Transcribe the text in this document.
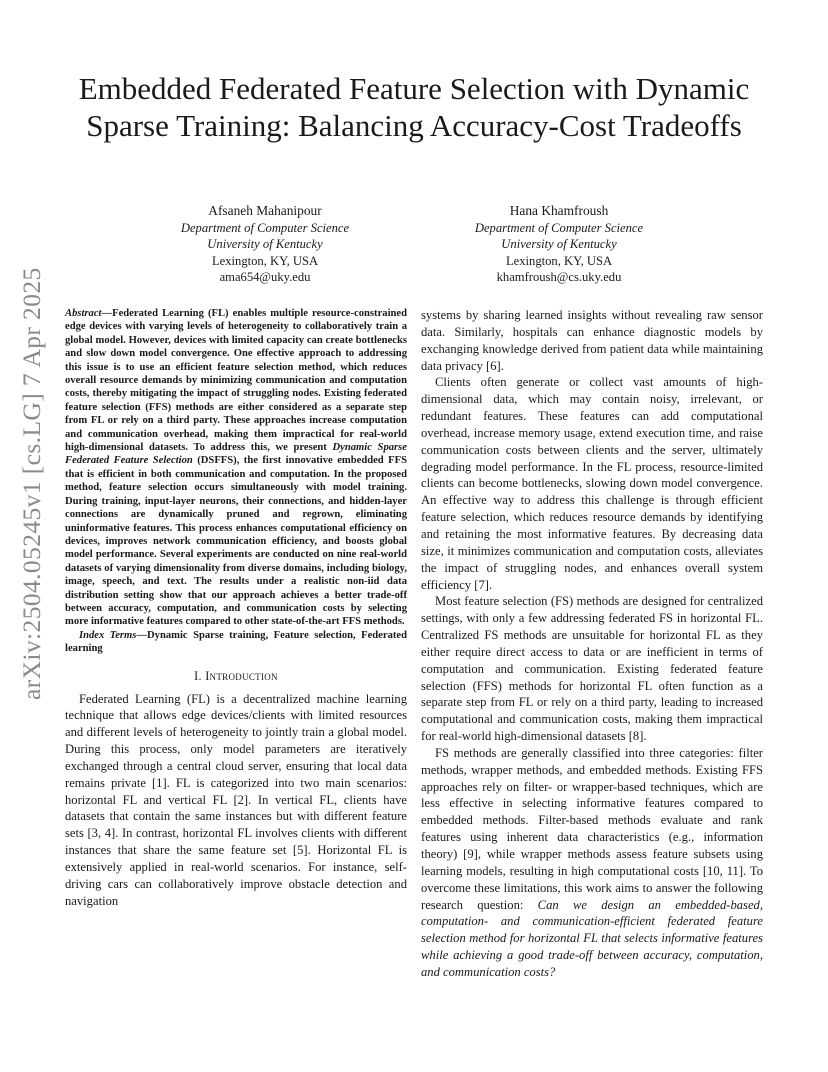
Embedded Federated Feature Selection with Dynamic Sparse Training: Balancing Accuracy-Cost Tradeoffs
Afsaneh Mahanipour
Department of Computer Science
University of Kentucky
Lexington, KY, USA
ama654@uky.edu
Hana Khamfroush
Department of Computer Science
University of Kentucky
Lexington, KY, USA
khamfroush@cs.uky.edu
arXiv:2504.05245v1 [cs.LG] 7 Apr 2025 Abstract—Federated Learning (FL) enables multiple resource-constrained edge devices with varying levels of heterogeneity to collaboratively train a global model. However, devices with limited capacity can create bottlenecks and slow down model convergence. One effective approach to addressing this issue is to use an efficient feature selection method, which reduces overall resource demands by minimizing communication and computation costs, thereby mitigating the impact of struggling nodes. Existing federated feature selection (FFS) methods are either considered as a separate step from FL or rely on a third party. These approaches increase computation and communication overhead, making them impractical for real-world high-dimensional datasets. To address this, we present Dynamic Sparse Federated Feature Selection (DSFFS), the first innovative embedded FFS that is efficient in both communication and computation. In the proposed method, feature selection occurs simultaneously with model training. During training, input-layer neurons, their connections, and hidden-layer connections are dynamically pruned and regrown, eliminating uninformative features. This process enhances computational efficiency on devices, improves network communication efficiency, and boosts global model performance. Several experiments are conducted on nine real-world datasets of varying dimensionality from diverse domains, including biology, image, speech, and text. The results under a realistic non-iid data distribution setting show that our approach achieves a better trade-off between accuracy, computation, and communication costs by selecting more informative features compared to other state-of-the-art FFS methods.

Index Terms—Dynamic Sparse training, Feature selection, Federated learning

I. Introduction

Federated Learning (FL) is a decentralized machine learning technique that allows edge devices/clients with limited resources and different levels of heterogeneity to jointly train a global model. During this process, only model parameters are iteratively exchanged through a central cloud server, ensuring that local data remains private [1]. FL is categorized into two main scenarios: horizontal FL and vertical FL [2]. In vertical FL, clients have datasets that contain the same instances but with different feature sets [3, 4]. In contrast, horizontal FL involves clients with different instances that share the same feature set [5]. Horizontal FL is extensively applied in real-world scenarios. For instance, self-driving cars can collaboratively improve obstacle detection and navigation

systems by sharing learned insights without revealing raw sensor data. Similarly, hospitals can enhance diagnostic models by exchanging knowledge derived from patient data while maintaining data privacy [6].

Clients often generate or collect vast amounts of high-dimensional data, which may contain noisy, irrelevant, or redundant features. These features can add computational overhead, increase memory usage, extend execution time, and raise communication costs between clients and the server, ultimately degrading model performance. In the FL process, resource-limited clients can become bottlenecks, slowing down model convergence. An effective way to address this challenge is through efficient feature selection, which reduces resource demands by identifying and retaining the most informative features. By decreasing data size, it minimizes communication and computation costs, alleviates the impact of struggling nodes, and enhances overall system efficiency [7].

Most feature selection (FS) methods are designed for centralized settings, with only a few addressing federated FS in horizontal FL. Centralized FS methods are unsuitable for horizontal FL as they either require direct access to data or are inefficient in terms of computation and communication. Existing federated feature selection (FFS) methods for horizontal FL often function as a separate step from FL or rely on a third party, leading to increased computational and communication costs, making them impractical for real-world high-dimensional datasets [8].

FS methods are generally classified into three categories: filter methods, wrapper methods, and embedded methods. Existing FFS approaches rely on filter- or wrapper-based techniques, which are less effective in selecting informative features compared to embedded methods. Filter-based methods evaluate and rank features using inherent data characteristics (e.g., information theory) [9], while wrapper methods assess feature subsets using learning models, resulting in high computational costs [10, 11]. To overcome these limitations, this work aims to answer the following research question: Can we design an embedded-based, computation- and communication-efficient federated feature selection method for horizontal FL that selects informative features while achieving a good trade-off between accuracy, computation, and communication costs?
